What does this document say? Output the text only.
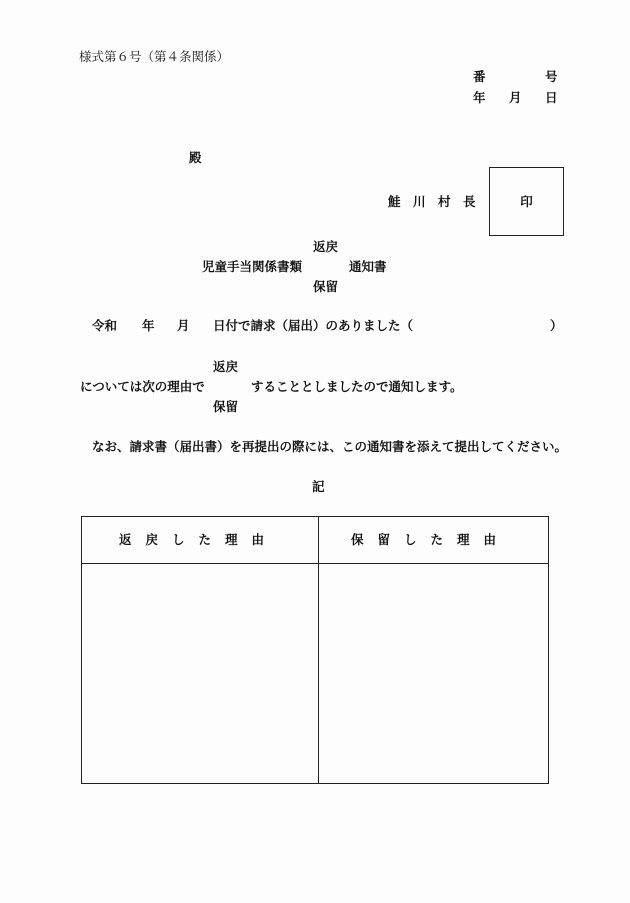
様式第６号（第４条関係）
番	号
年 月 日
殿
鮭　川　村　長	印
返戻
児童手当関係書類	通知書
保留
令和 年 月 日付で請求（届出）のありました（	）
返戻
については次の理由で	することとしましたので通知します。
保留
なお、請求書（届出書）を再提出の際には、この通知書を添えて提出してください。
記
返戻した理由	保留した理由
